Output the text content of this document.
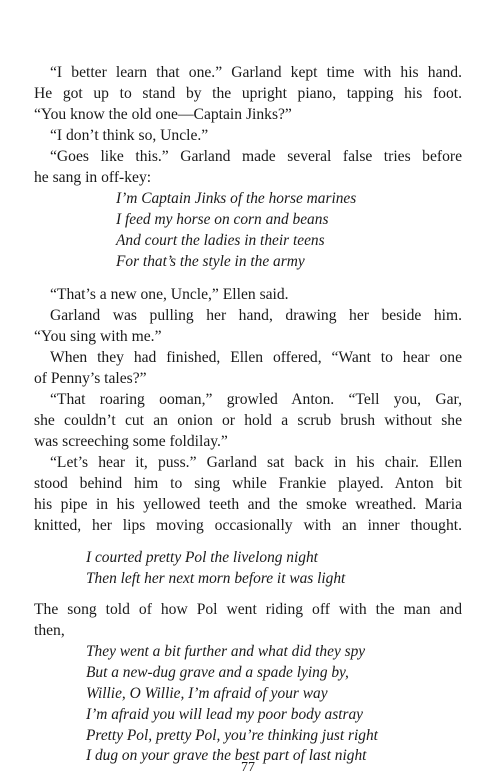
“I better learn that one.” Garland kept time with his hand.
He got up to stand by the upright piano, tapping his foot.
“You know the old one—Captain Jinks?”
“I don’t think so, Uncle.”
“Goes like this.” Garland made several false tries before
he sang in off-key:
I’m Captain Jinks of the horse marines
I feed my horse on corn and beans
And court the ladies in their teens
For that’s the style in the army
“That’s a new one, Uncle,” Ellen said.
Garland was pulling her hand, drawing her beside him.
“You sing with me.”
When they had finished, Ellen offered, “Want to hear one
of Penny’s tales?”
“That roaring ooman,” growled Anton. “Tell you, Gar,
she couldn’t cut an onion or hold a scrub brush without she
was screeching some foldilay.”
“Let’s hear it, puss.” Garland sat back in his chair. Ellen
stood behind him to sing while Frankie played. Anton bit
his pipe in his yellowed teeth and the smoke wreathed. Maria
knitted, her lips moving occasionally with an inner thought.
I courted pretty Pol the livelong night
Then left her next morn before it was light
The song told of how Pol went riding off with the man and
then,
They went a bit further and what did they spy
But a new-dug grave and a spade lying by,
Willie, O Willie, I’m afraid of your way
I’m afraid you will lead my poor body astray
Pretty Pol, pretty Pol, you’re thinking just right
I dug on your grave the best part of last night
77
